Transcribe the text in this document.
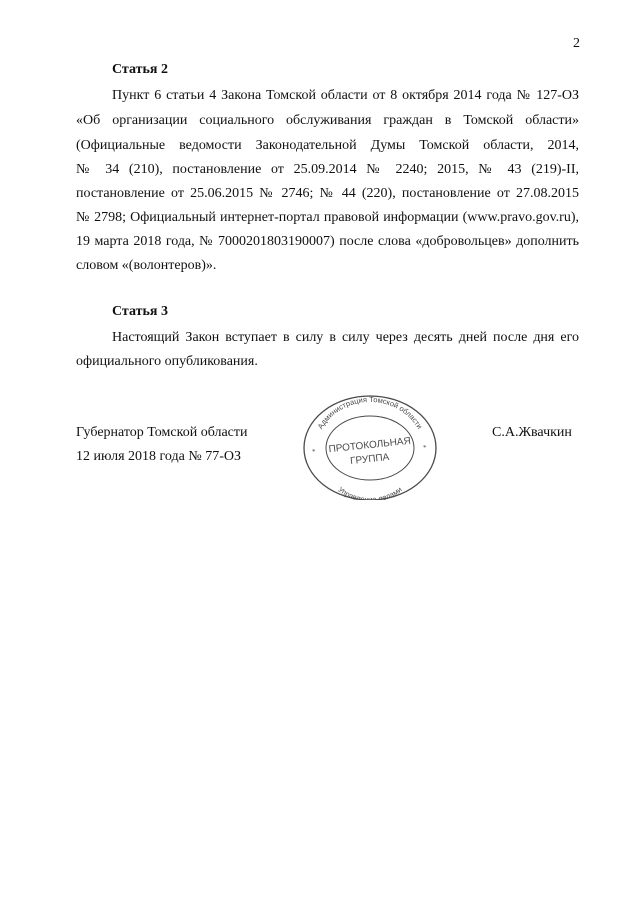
2
Статья 2
Пункт 6 статьи 4 Закона Томской области от 8 октября 2014 года № 127-ОЗ
«Об организации социального обслуживания граждан в Томской области»
(Официальные ведомости Законодательной Думы Томской области, 2014,
№ 34 (210), постановление от 25.09.2014 № 2240; 2015, № 43 (219)-II,
постановление от 25.06.2015 № 2746; № 44 (220), постановление от 27.08.2015
№ 2798; Официальный интернет-портал правовой информации (www.pravo.gov.ru),
19 марта 2018 года, № 7000201803190007) после слова «добровольцев» дополнить
словом «(волонтеров)».
Статья 3
Настоящий Закон вступает в силу в силу через десять дней после дня его
официального опубликования.
Губернатор Томской области
12 июля 2018 года № 77-ОЗ
С.А.Жвачкин
Администрация Томской области
Управление делами
ПРОТОКОЛЬНАЯ
ГРУППА
*	*
